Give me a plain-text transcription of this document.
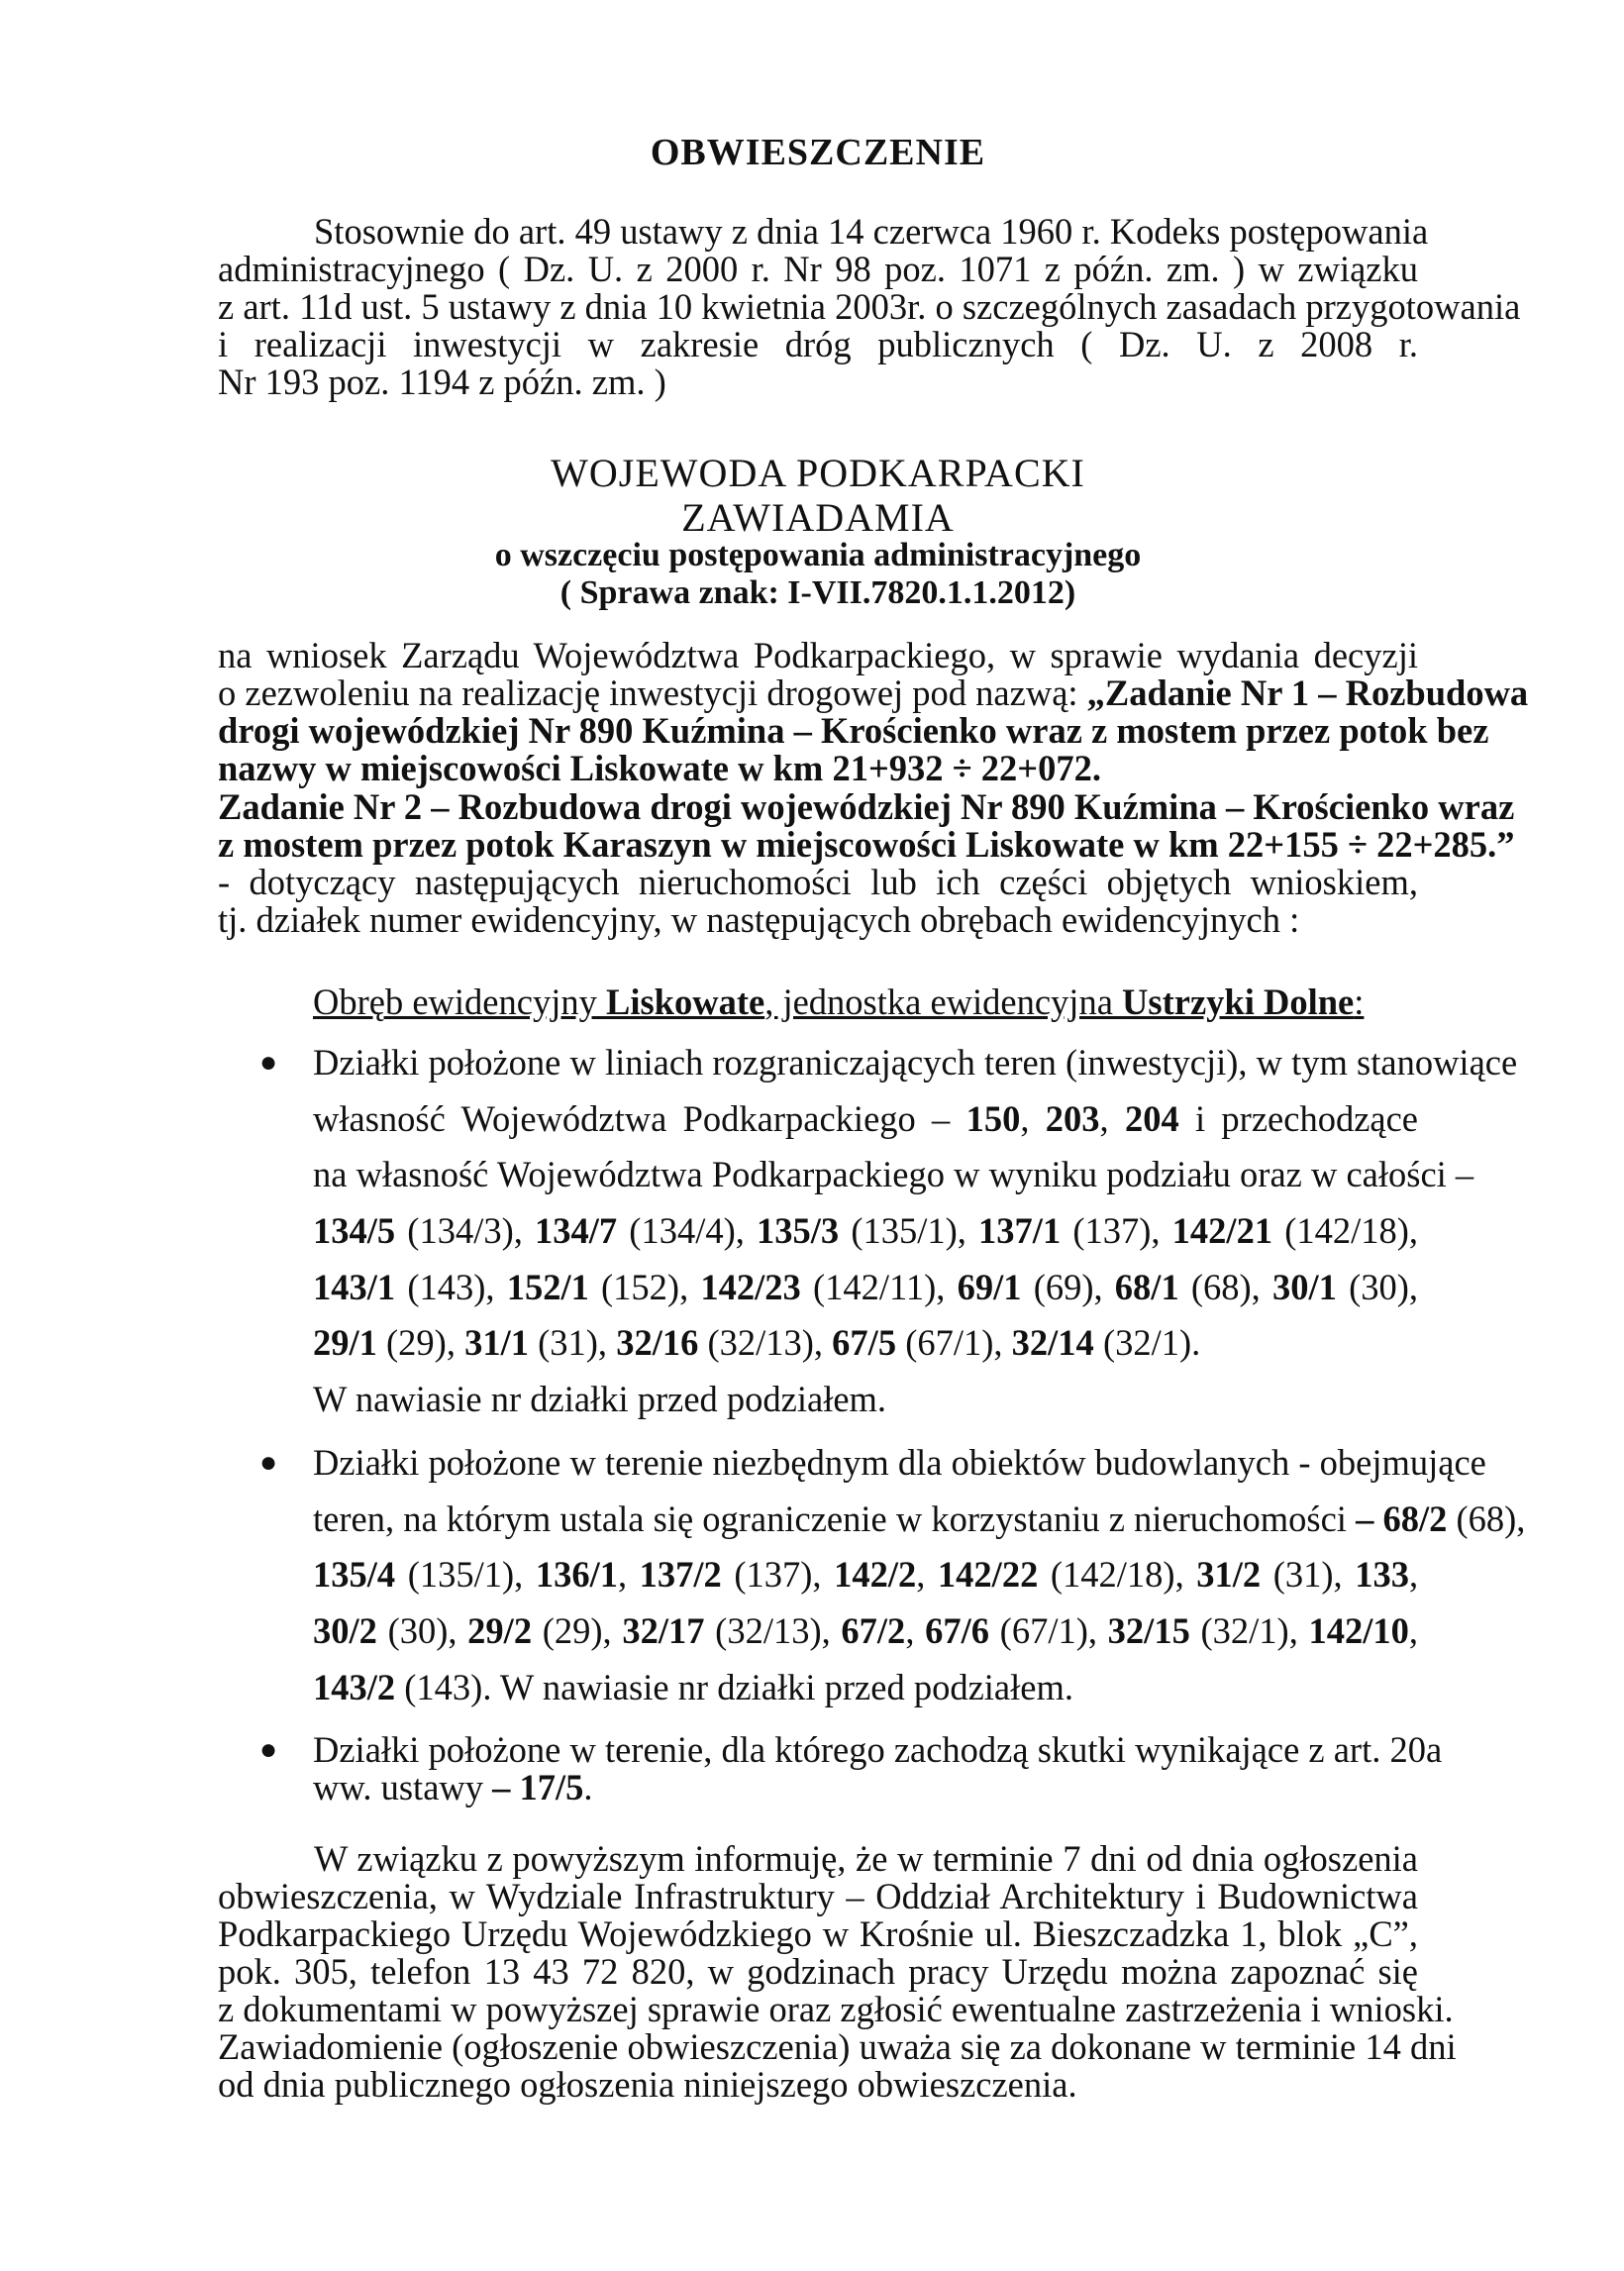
OBWIESZCZENIE
Stosownie do art. 49 ustawy z dnia 14 czerwca 1960 r. Kodeks postępowania
administracyjnego ( Dz. U. z 2000 r. Nr 98 poz. 1071 z późn. zm. ) w związku
z art. 11d ust. 5 ustawy z dnia 10 kwietnia 2003r. o szczególnych zasadach przygotowania
i realizacji inwestycji w zakresie dróg publicznych ( Dz. U. z 2008 r.
Nr 193 poz. 1194 z późn. zm. )
WOJEWODA PODKARPACKI
ZAWIADAMIA
o wszczęciu postępowania administracyjnego
( Sprawa znak: I-VII.7820.1.1.2012)
na wniosek Zarządu Województwa Podkarpackiego, w sprawie wydania decyzji
o zezwoleniu na realizację inwestycji drogowej pod nazwą: „Zadanie Nr 1 – Rozbudowa
drogi wojewódzkiej Nr 890 Kuźmina – Krościenko wraz z mostem przez potok bez
nazwy w miejscowości Liskowate w km 21+932 ÷ 22+072.
Zadanie Nr 2 – Rozbudowa drogi wojewódzkiej Nr 890 Kuźmina – Krościenko wraz
z mostem przez potok Karaszyn w miejscowości Liskowate w km 22+155 ÷ 22+285.”
- dotyczący następujących nieruchomości lub ich części objętych wnioskiem,
tj. działek numer ewidencyjny, w następujących obrębach ewidencyjnych :
Obręb ewidencyjny Liskowate, jednostka ewidencyjna Ustrzyki Dolne:
● Działki położone w liniach rozgraniczających teren (inwestycji), w tym stanowiące
własność Województwa Podkarpackiego – 150, 203, 204 i przechodzące
na własność Województwa Podkarpackiego w wyniku podziału oraz w całości –
134/5 (134/3), 134/7 (134/4), 135/3 (135/1), 137/1 (137), 142/21 (142/18),
143/1 (143), 152/1 (152), 142/23 (142/11), 69/1 (69), 68/1 (68), 30/1 (30),
29/1 (29), 31/1 (31), 32/16 (32/13), 67/5 (67/1), 32/14 (32/1).
W nawiasie nr działki przed podziałem.
● Działki położone w terenie niezbędnym dla obiektów budowlanych - obejmujące
teren, na którym ustala się ograniczenie w korzystaniu z nieruchomości – 68/2 (68),
135/4 (135/1), 136/1, 137/2 (137), 142/2, 142/22 (142/18), 31/2 (31), 133,
30/2 (30), 29/2 (29), 32/17 (32/13), 67/2, 67/6 (67/1), 32/15 (32/1), 142/10,
143/2 (143). W nawiasie nr działki przed podziałem.
● Działki położone w terenie, dla którego zachodzą skutki wynikające z art. 20a
ww. ustawy – 17/5.
W związku z powyższym informuję, że w terminie 7 dni od dnia ogłoszenia
obwieszczenia, w Wydziale Infrastruktury – Oddział Architektury i Budownictwa
Podkarpackiego Urzędu Wojewódzkiego w Krośnie ul. Bieszczadzka 1, blok „C”,
pok. 305, telefon 13 43 72 820, w godzinach pracy Urzędu można zapoznać się
z dokumentami w powyższej sprawie oraz zgłosić ewentualne zastrzeżenia i wnioski.
Zawiadomienie (ogłoszenie obwieszczenia) uważa się za dokonane w terminie 14 dni
od dnia publicznego ogłoszenia niniejszego obwieszczenia.
